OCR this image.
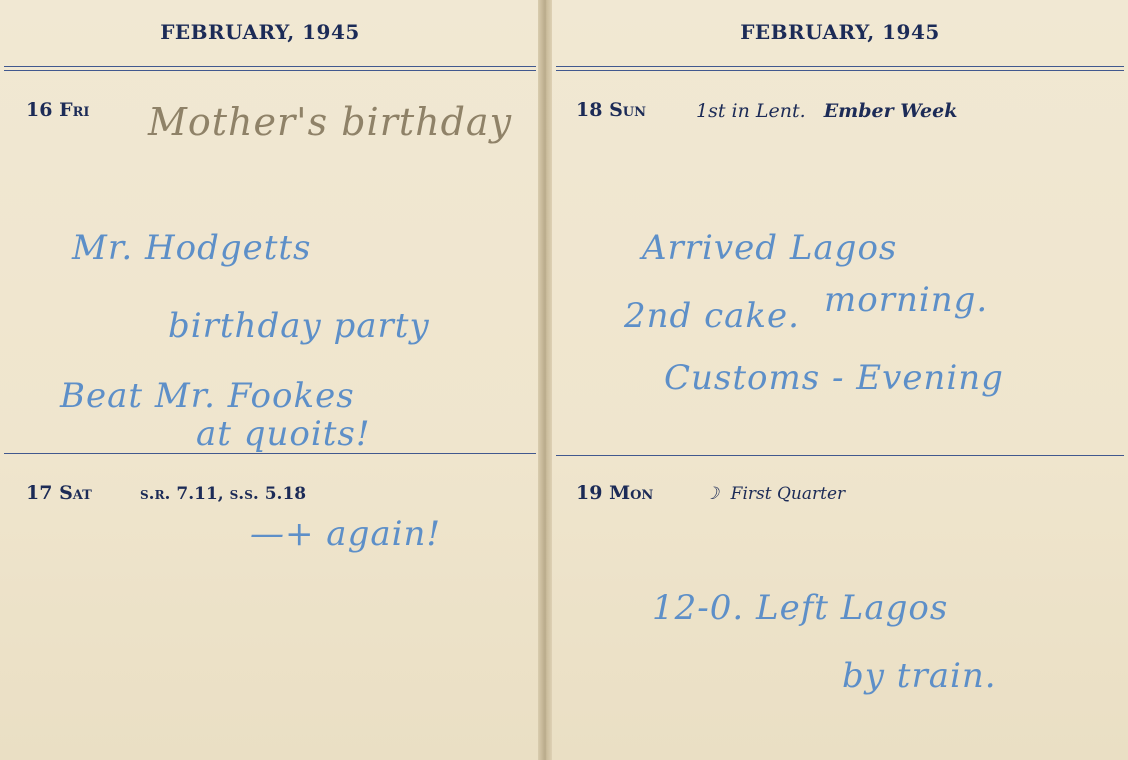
FEBRUARY, 1945
16 Fri Mother's birthday
Mr. Hodgetts
birthday party
Beat Mr. Fookes
at quoits!
17 Sat	s.r. 7.11, s.s. 5.18
—+ again!
FEBRUARY, 1945
18 Sun	1st in Lent. Ember Week
Arrived Lagos
2nd cake. morning.
Customs - Evening
19 Mon	☽ First Quarter
12-0. Left Lagos
by train.
